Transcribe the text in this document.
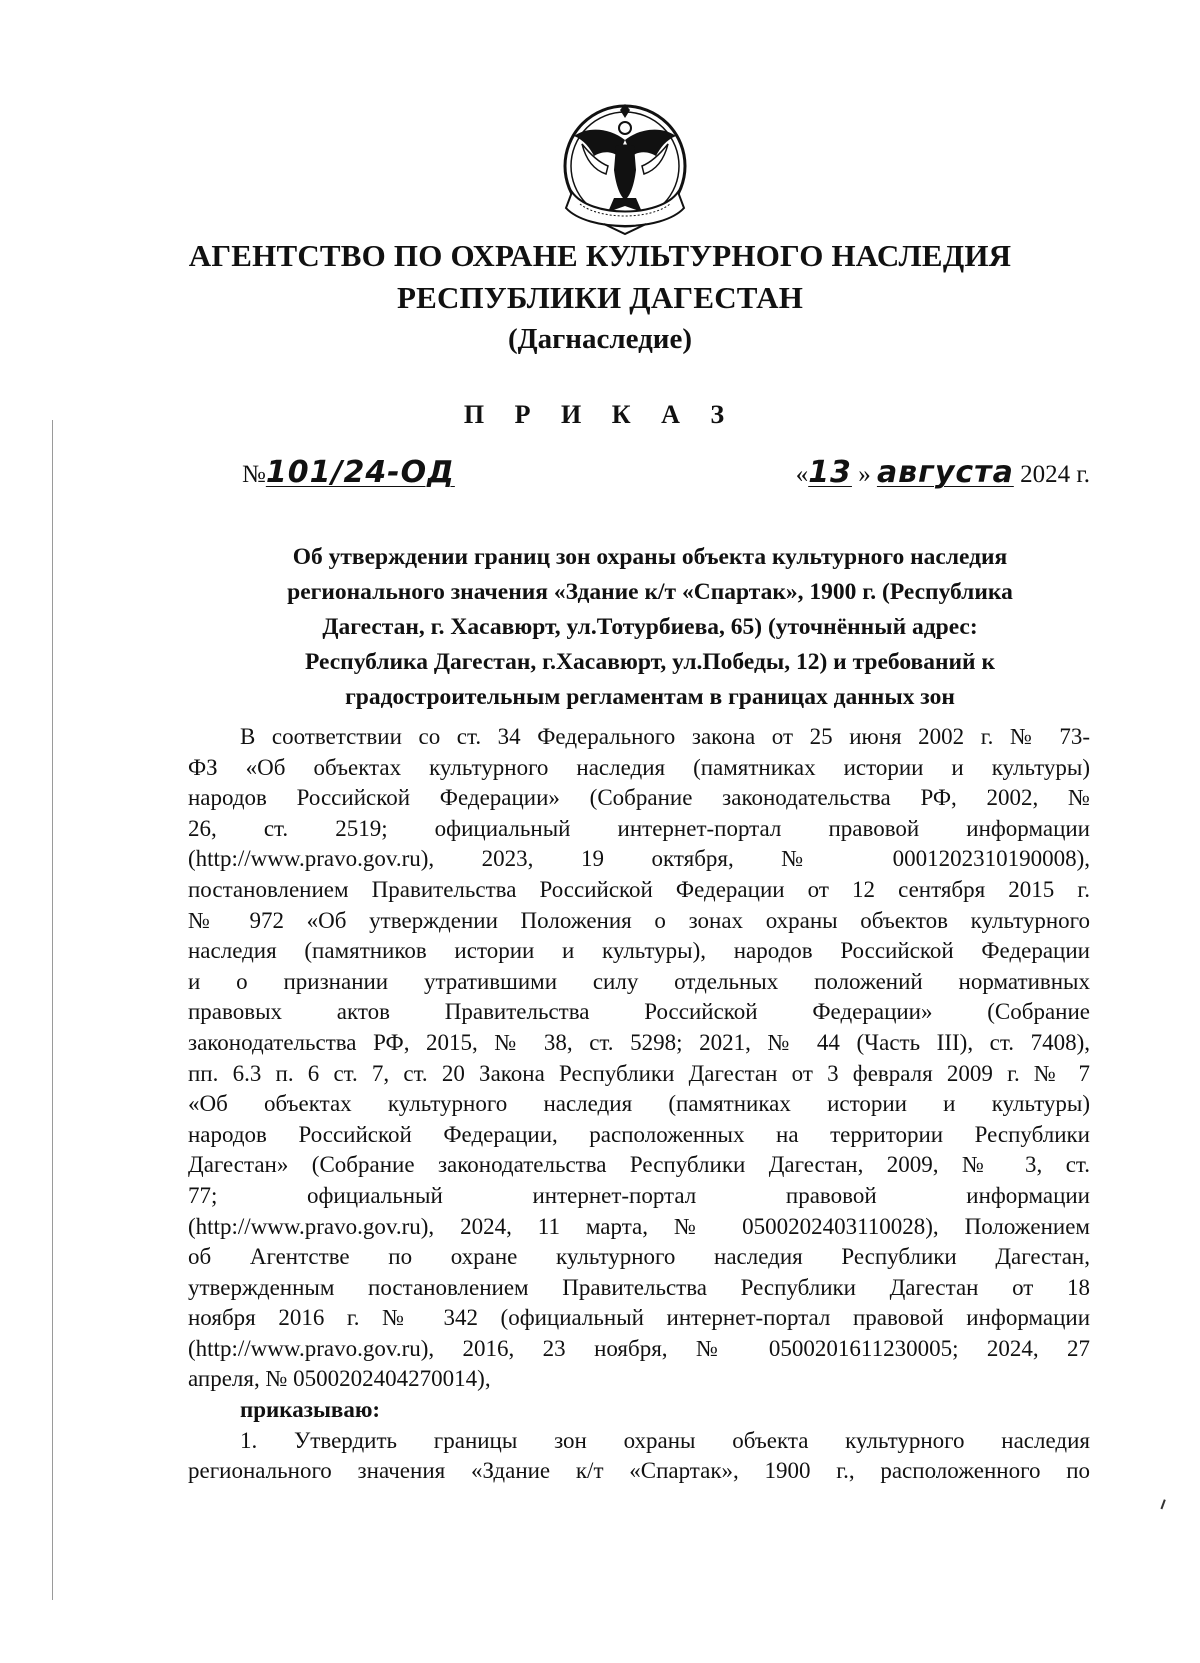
АГЕНТСТВО ПО ОХРАНЕ КУЛЬТУРНОГО НАСЛЕДИЯ
РЕСПУБЛИКИ ДАГЕСТАН
(Дагнаследие)
П Р И К А З
№101/24-ОД	«13 » августа 2024 г.
Об утверждении границ зон охраны объекта культурного наследия
регионального значения «Здание к/т «Спартак», 1900 г. (Республика
Дагестан, г. Хасавюрт, ул.Тотурбиева, 65) (уточнённый адрес:
Республика Дагестан, г.Хасавюрт, ул.Победы, 12) и требований к
градостроительным регламентам в границах данных зон
В соответствии со ст. 34 Федерального закона от 25 июня 2002 г. № 73-
ФЗ «Об объектах культурного наследия (памятниках истории и культуры)
народов Российской Федерации» (Собрание законодательства РФ, 2002, №
26, ст. 2519; официальный интернет-портал правовой информации
(http://www.pravo.gov.ru), 2023, 19 октября, № 0001202310190008),
постановлением Правительства Российской Федерации от 12 сентября 2015 г.
№ 972 «Об утверждении Положения о зонах охраны объектов культурного
наследия (памятников истории и культуры), народов Российской Федерации
и о признании утратившими силу отдельных положений нормативных
правовых актов Правительства Российской Федерации» (Собрание
законодательства РФ, 2015, № 38, ст. 5298; 2021, № 44 (Часть III), ст. 7408),
пп. 6.3 п. 6 ст. 7, ст. 20 Закона Республики Дагестан от 3 февраля 2009 г. № 7
«Об объектах культурного наследия (памятниках истории и культуры)
народов Российской Федерации, расположенных на территории Республики
Дагестан» (Собрание законодательства Республики Дагестан, 2009, № 3, ст.
77; официальный интернет-портал правовой информации
(http://www.pravo.gov.ru), 2024, 11 марта, № 0500202403110028), Положением
об Агентстве по охране культурного наследия Республики Дагестан,
утвержденным постановлением Правительства Республики Дагестан от 18
ноября 2016 г. № 342 (официальный интернет-портал правовой информации
(http://www.pravo.gov.ru), 2016, 23 ноября, № 0500201611230005; 2024, 27
апреля, № 0500202404270014),
приказываю:
1. Утвердить границы зон охраны объекта культурного наследия
регионального значения «Здание к/т «Спартак», 1900 г., расположенного по
